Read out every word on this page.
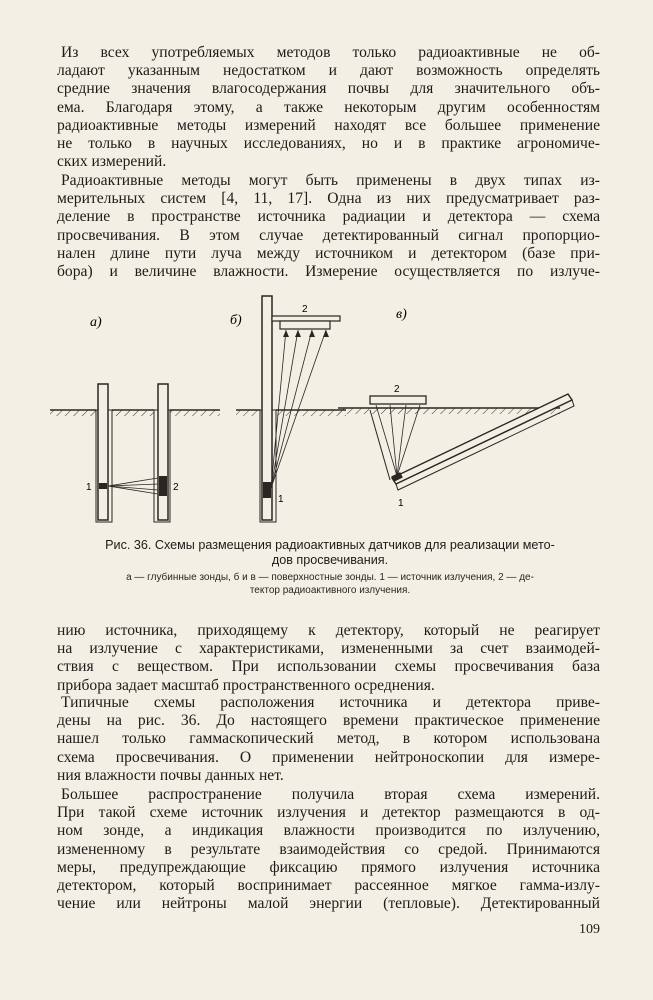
Из всех употребляемых методов только радиоактивные не об-
ладают указанным недостатком и дают возможность определять
средние значения влагосодержания почвы для значительного объ-
ема. Благодаря этому, а также некоторым другим особенностям
радиоактивные методы измерений находят все большее применение
не только в научных исследованиях, но и в практике агрономиче-
ских измерений.

Радиоактивные методы могут быть применены в двух типах из-
мерительных систем [4, 11, 17]. Одна из них предусматривает раз-
деление в пространстве источника радиации и детектора — схема
просвечивания. В этом случае детектированный сигнал пропорцио-
нален длине пути луча между источником и детектором (базе при-
бора) и величине влажности. Измерение осуществляется по излуче-

а)
1	2
б)
2
1
в)
2
1
Рис. 36. Схемы размещения радиоактивных датчиков для реализации мето-
дов просвечивания.
а — глубинные зонды, б и в — поверхностные зонды. 1 — источник излучения, 2 — де-
тектор радиоактивного излучения.

нию источника, приходящему к детектору, который не реагирует
на излучение с характеристиками, измененными за счет взаимодей-
ствия с веществом. При использовании схемы просвечивания база
прибора задает масштаб пространственного осреднения.

Типичные схемы расположения источника и детектора приве-
дены на рис. 36. До настоящего времени практическое применение
нашел только гаммаскопический метод, в котором использована
схема просвечивания. О применении нейтроноскопии для измере-
ния влажности почвы данных нет.

Большее распространение получила вторая схема измерений.
При такой схеме источник излучения и детектор размещаются в од-
ном зонде, а индикация влажности производится по излучению,
измененному в результате взаимодействия со средой. Принимаются
меры, предупреждающие фиксацию прямого излучения источника
детектором, который воспринимает рассеянное мягкое гамма-излу-
чение или нейтроны малой энергии (тепловые). Детектированный

109
